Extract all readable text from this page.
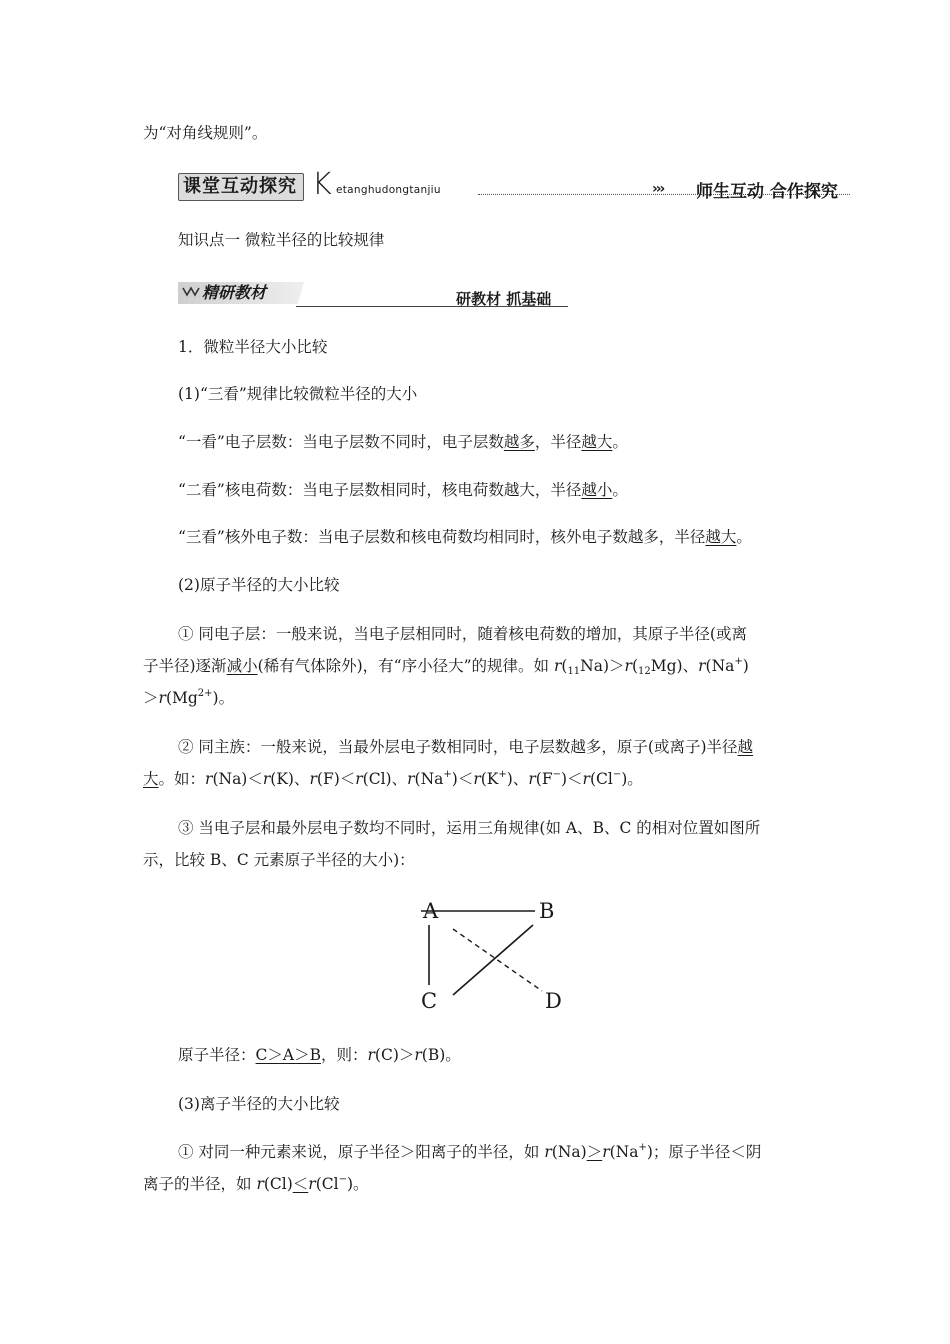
为“对角线规则”。
课堂互动探究 K etanghudongtanjiu	››› 师生互动 合作探究
知识点一 微粒半径的比较规律
精研教材	研教材 抓基础
1．微粒半径大小比较
(1)“三看”规律比较微粒半径的大小
“一看”电子层数：当电子层数不同时，电子层数越多，半径越大。
“二看”核电荷数：当电子层数相同时，核电荷数越大，半径越小。
“三看”核外电子数：当电子层数和核电荷数均相同时，核外电子数越多，半径越大。
(2)原子半径的大小比较
① 同电子层：一般来说，当电子层相同时，随着核电荷数的增加，其原子半径(或离
子半径)逐渐减小(稀有气体除外)，有“序小径大”的规律。如 $r(_{11}Na)>r(_{12}Mg)$、r(Na+)
$>r(Mg^{2+})$。
② 同主族：一般来说，当最外层电子数相同时，电子层数越多，原子(或离子)半径越
大。如：r(Na)＜r(K)、r(F)＜r(Cl)、r(Na+)＜r(K+)、r(F−)＜r(Cl−)。
③ 当电子层和最外层电子数均不同时，运用三角规律(如 A、B、C 的相对位置如图所
示，比较 B、C 元素原子半径的大小)：
A	B
C	D
原子半径：C＞A＞B，则：r(C)＞r(B)。
(3)离子半径的大小比较
① 对同一种元素来说，原子半径＞阳离子的半径，如 r(Na)＞r(Na+)；原子半径＜阴
离子的半径，如 r(Cl)＜r(Cl−)。
